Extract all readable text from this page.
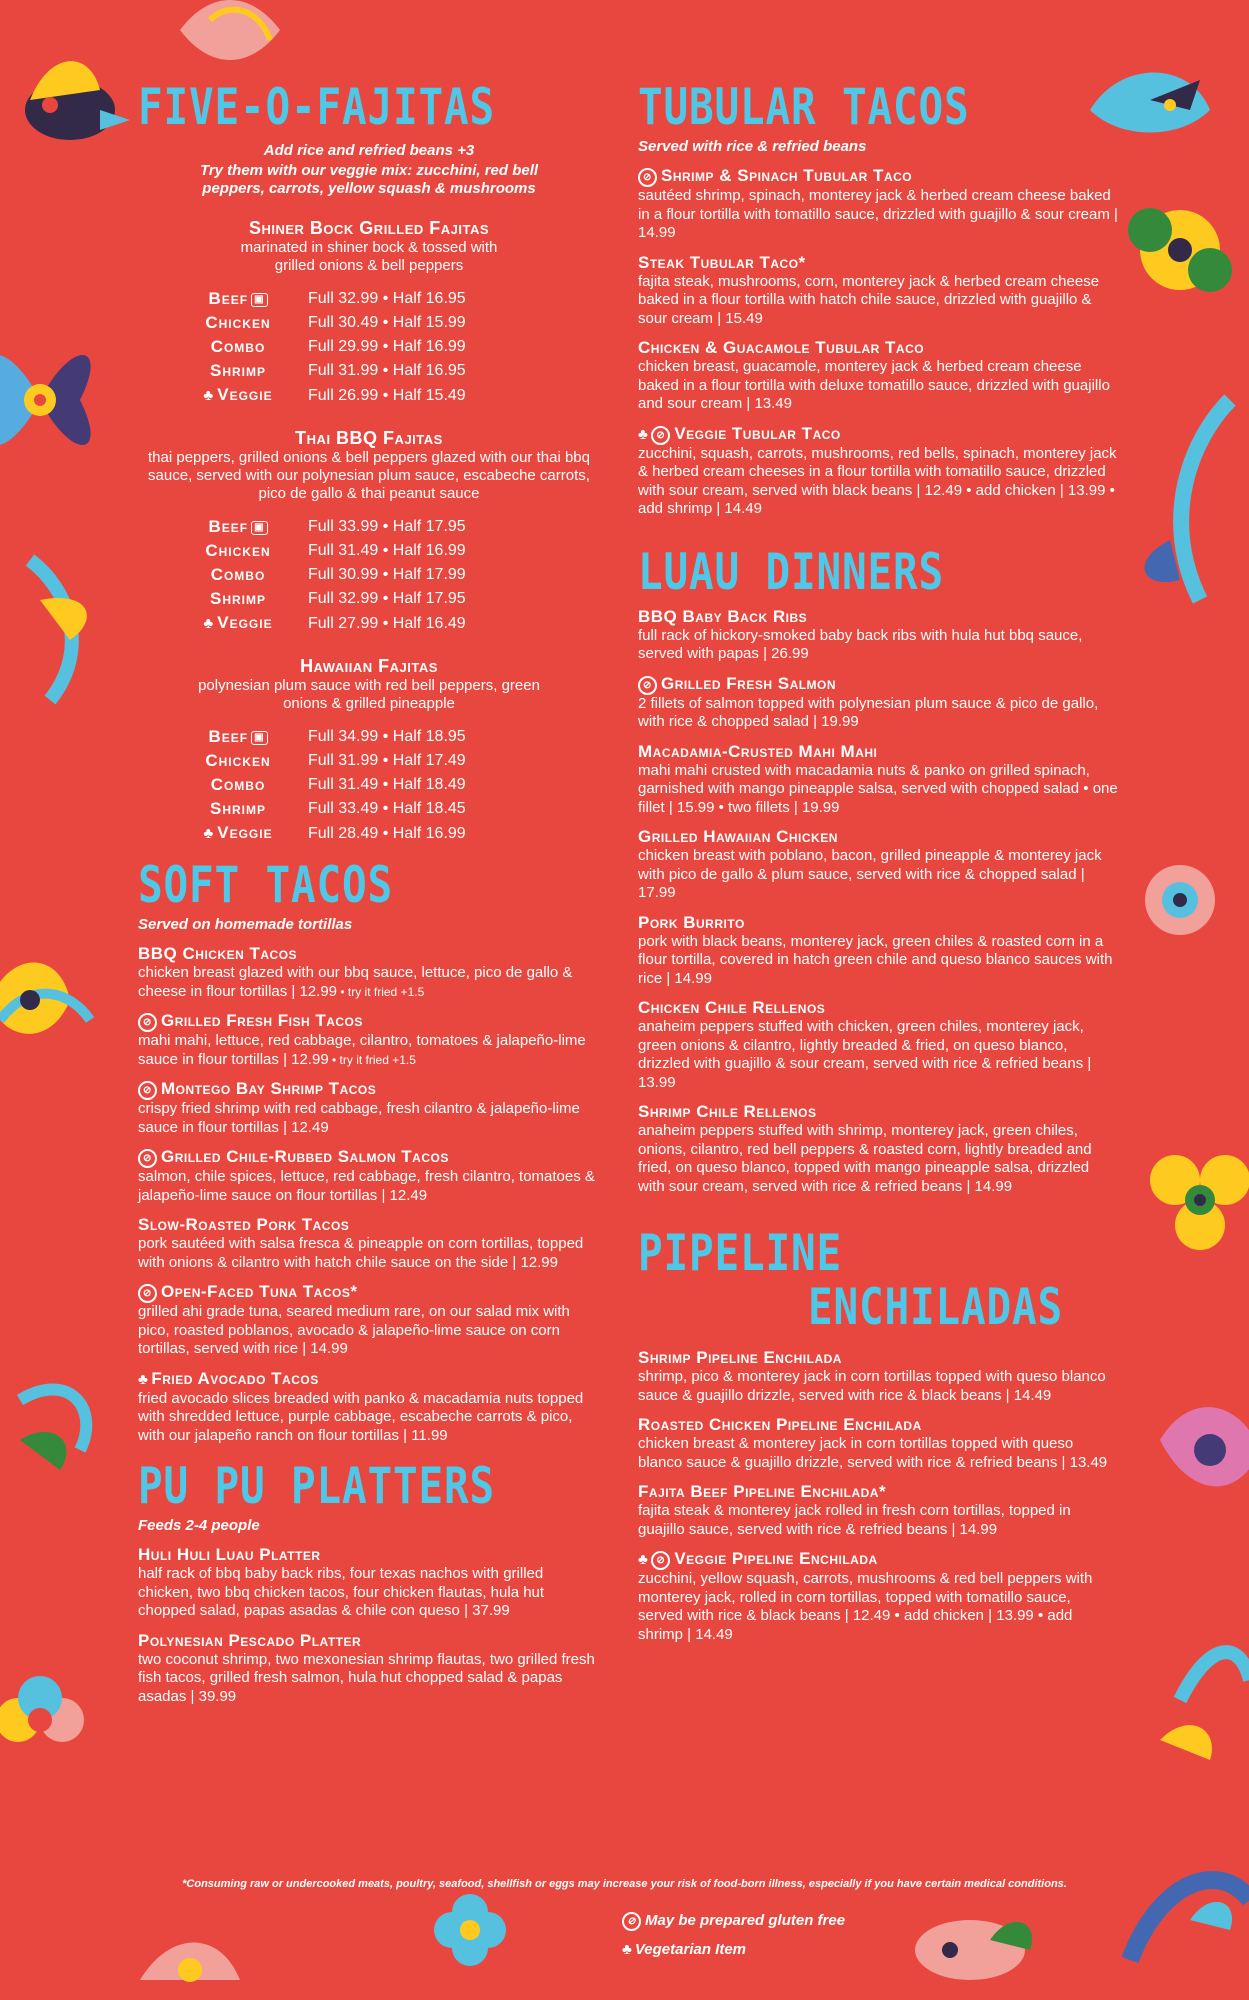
FIVE-O-FAJITAS
Add rice and refried beans +3
Try them with our veggie mix: zucchini, red bell peppers, carrots, yellow squash & mushrooms
Shiner Bock Grilled Fajitas
marinated in shiner bock & tossed with grilled onions & bell peppers
Beef ▣	Full 32.99 • Half 16.95
Chicken	Full 30.49 • Half 15.99
Combo	Full 29.99 • Half 16.99
Shrimp	Full 31.99 • Half 16.95
♣ Veggie	Full 26.99 • Half 15.49
Thai BBQ Fajitas
thai peppers, grilled onions & bell peppers glazed with our thai bbq sauce, served with our polynesian plum sauce, escabeche carrots, pico de gallo & thai peanut sauce
Beef ▣	Full 33.99 • Half 17.95
Chicken	Full 31.49 • Half 16.99
Combo	Full 30.99 • Half 17.99
Shrimp	Full 32.99 • Half 17.95
♣ Veggie	Full 27.99 • Half 16.49
Hawaiian Fajitas
polynesian plum sauce with red bell peppers, green onions & grilled pineapple
Beef ▣	Full 34.99 • Half 18.95
Chicken	Full 31.99 • Half 17.49
Combo	Full 31.49 • Half 18.49
Shrimp	Full 33.49 • Half 18.45
♣ Veggie	Full 28.49 • Half 16.99
SOFT TACOS
Served on homemade tortillas
BBQ Chicken Tacos
chicken breast glazed with our bbq sauce, lettuce, pico de gallo & cheese in flour tortillas | 12.99 • try it fried +1.5
⊘ Grilled Fresh Fish Tacos
mahi mahi, lettuce, red cabbage, cilantro, tomatoes & jalapeño-lime sauce in flour tortillas | 12.99 • try it fried +1.5
⊘ Montego Bay Shrimp Tacos
crispy fried shrimp with red cabbage, fresh cilantro & jalapeño-lime sauce in flour tortillas | 12.49
⊘ Grilled Chile-Rubbed Salmon Tacos
salmon, chile spices, lettuce, red cabbage, fresh cilantro, tomatoes & jalapeño-lime sauce on flour tortillas | 12.49
Slow-Roasted Pork Tacos
pork sautéed with salsa fresca & pineapple on corn tortillas, topped with onions & cilantro with hatch chile sauce on the side | 12.99
⊘ Open-Faced Tuna Tacos*
grilled ahi grade tuna, seared medium rare, on our salad mix with pico, roasted poblanos, avocado & jalapeño-lime sauce on corn tortillas, served with rice | 14.99
♣ Fried Avocado Tacos
fried avocado slices breaded with panko & macadamia nuts topped with shredded lettuce, purple cabbage, escabeche carrots & pico, with our jalapeño ranch on flour tortillas | 11.99
PU PU PLATTERS
Feeds 2-4 people
Huli Huli Luau Platter
half rack of bbq baby back ribs, four texas nachos with grilled chicken, two bbq chicken tacos, four chicken flautas, hula hut chopped salad, papas asadas & chile con queso | 37.99
Polynesian Pescado Platter
two coconut shrimp, two mexonesian shrimp flautas, two grilled fresh fish tacos, grilled fresh salmon, hula hut chopped salad & papas asadas | 39.99
TUBULAR TACOS
Served with rice & refried beans
⊘ Shrimp & Spinach Tubular Taco
sautéed shrimp, spinach, monterey jack & herbed cream cheese baked in a flour tortilla with tomatillo sauce, drizzled with guajillo & sour cream | 14.99
Steak Tubular Taco*
fajita steak, mushrooms, corn, monterey jack & herbed cream cheese baked in a flour tortilla with hatch chile sauce, drizzled with guajillo & sour cream | 15.49
Chicken & Guacamole Tubular Taco
chicken breast, guacamole, monterey jack & herbed cream cheese baked in a flour tortilla with deluxe tomatillo sauce, drizzled with guajillo and sour cream | 13.49
♣ ⊘ Veggie Tubular Taco
zucchini, squash, carrots, mushrooms, red bells, spinach, monterey jack & herbed cream cheeses in a flour tortilla with tomatillo sauce, drizzled with sour cream, served with black beans | 12.49 • add chicken | 13.99 • add shrimp | 14.49
LUAU DINNERS
BBQ Baby Back Ribs
full rack of hickory-smoked baby back ribs with hula hut bbq sauce, served with papas | 26.99
⊘ Grilled Fresh Salmon
2 fillets of salmon topped with polynesian plum sauce & pico de gallo, with rice & chopped salad | 19.99
Macadamia-Crusted Mahi Mahi
mahi mahi crusted with macadamia nuts & panko on grilled spinach, garnished with mango pineapple salsa, served with chopped salad • one fillet | 15.99 • two fillets | 19.99
Grilled Hawaiian Chicken
chicken breast with poblano, bacon, grilled pineapple & monterey jack with pico de gallo & plum sauce, served with rice & chopped salad | 17.99
Pork Burrito
pork with black beans, monterey jack, green chiles & roasted corn in a flour tortilla, covered in hatch green chile and queso blanco sauces with rice | 14.99
Chicken Chile Rellenos
anaheim peppers stuffed with chicken, green chiles, monterey jack, green onions & cilantro, lightly breaded & fried, on queso blanco, drizzled with guajillo & sour cream, served with rice & refried beans | 13.99
Shrimp Chile Rellenos
anaheim peppers stuffed with shrimp, monterey jack, green chiles, onions, cilantro, red bell peppers & roasted corn, lightly breaded and fried, on queso blanco, topped with mango pineapple salsa, drizzled with sour cream, served with rice & refried beans | 14.99
PIPELINE
ENCHILADAS
Shrimp Pipeline Enchilada
shrimp, pico & monterey jack in corn tortillas topped with queso blanco sauce & guajillo drizzle, served with rice & black beans | 14.49
Roasted Chicken Pipeline Enchilada
chicken breast & monterey jack in corn tortillas topped with queso blanco sauce & guajillo drizzle, served with rice & refried beans | 13.49
Fajita Beef Pipeline Enchilada*
fajita steak & monterey jack rolled in fresh corn tortillas, topped in guajillo sauce, served with rice & refried beans | 14.99
♣ ⊘ Veggie Pipeline Enchilada
zucchini, yellow squash, carrots, mushrooms & red bell peppers with monterey jack, rolled in corn tortillas, topped with tomatillo sauce, served with rice & black beans | 12.49 • add chicken | 13.99 • add shrimp | 14.49
*Consuming raw or undercooked meats, poultry, seafood, shellfish or eggs may increase your risk of food-born illness, especially if you have certain medical conditions.
⊘ May be prepared gluten free
♣ Vegetarian Item
